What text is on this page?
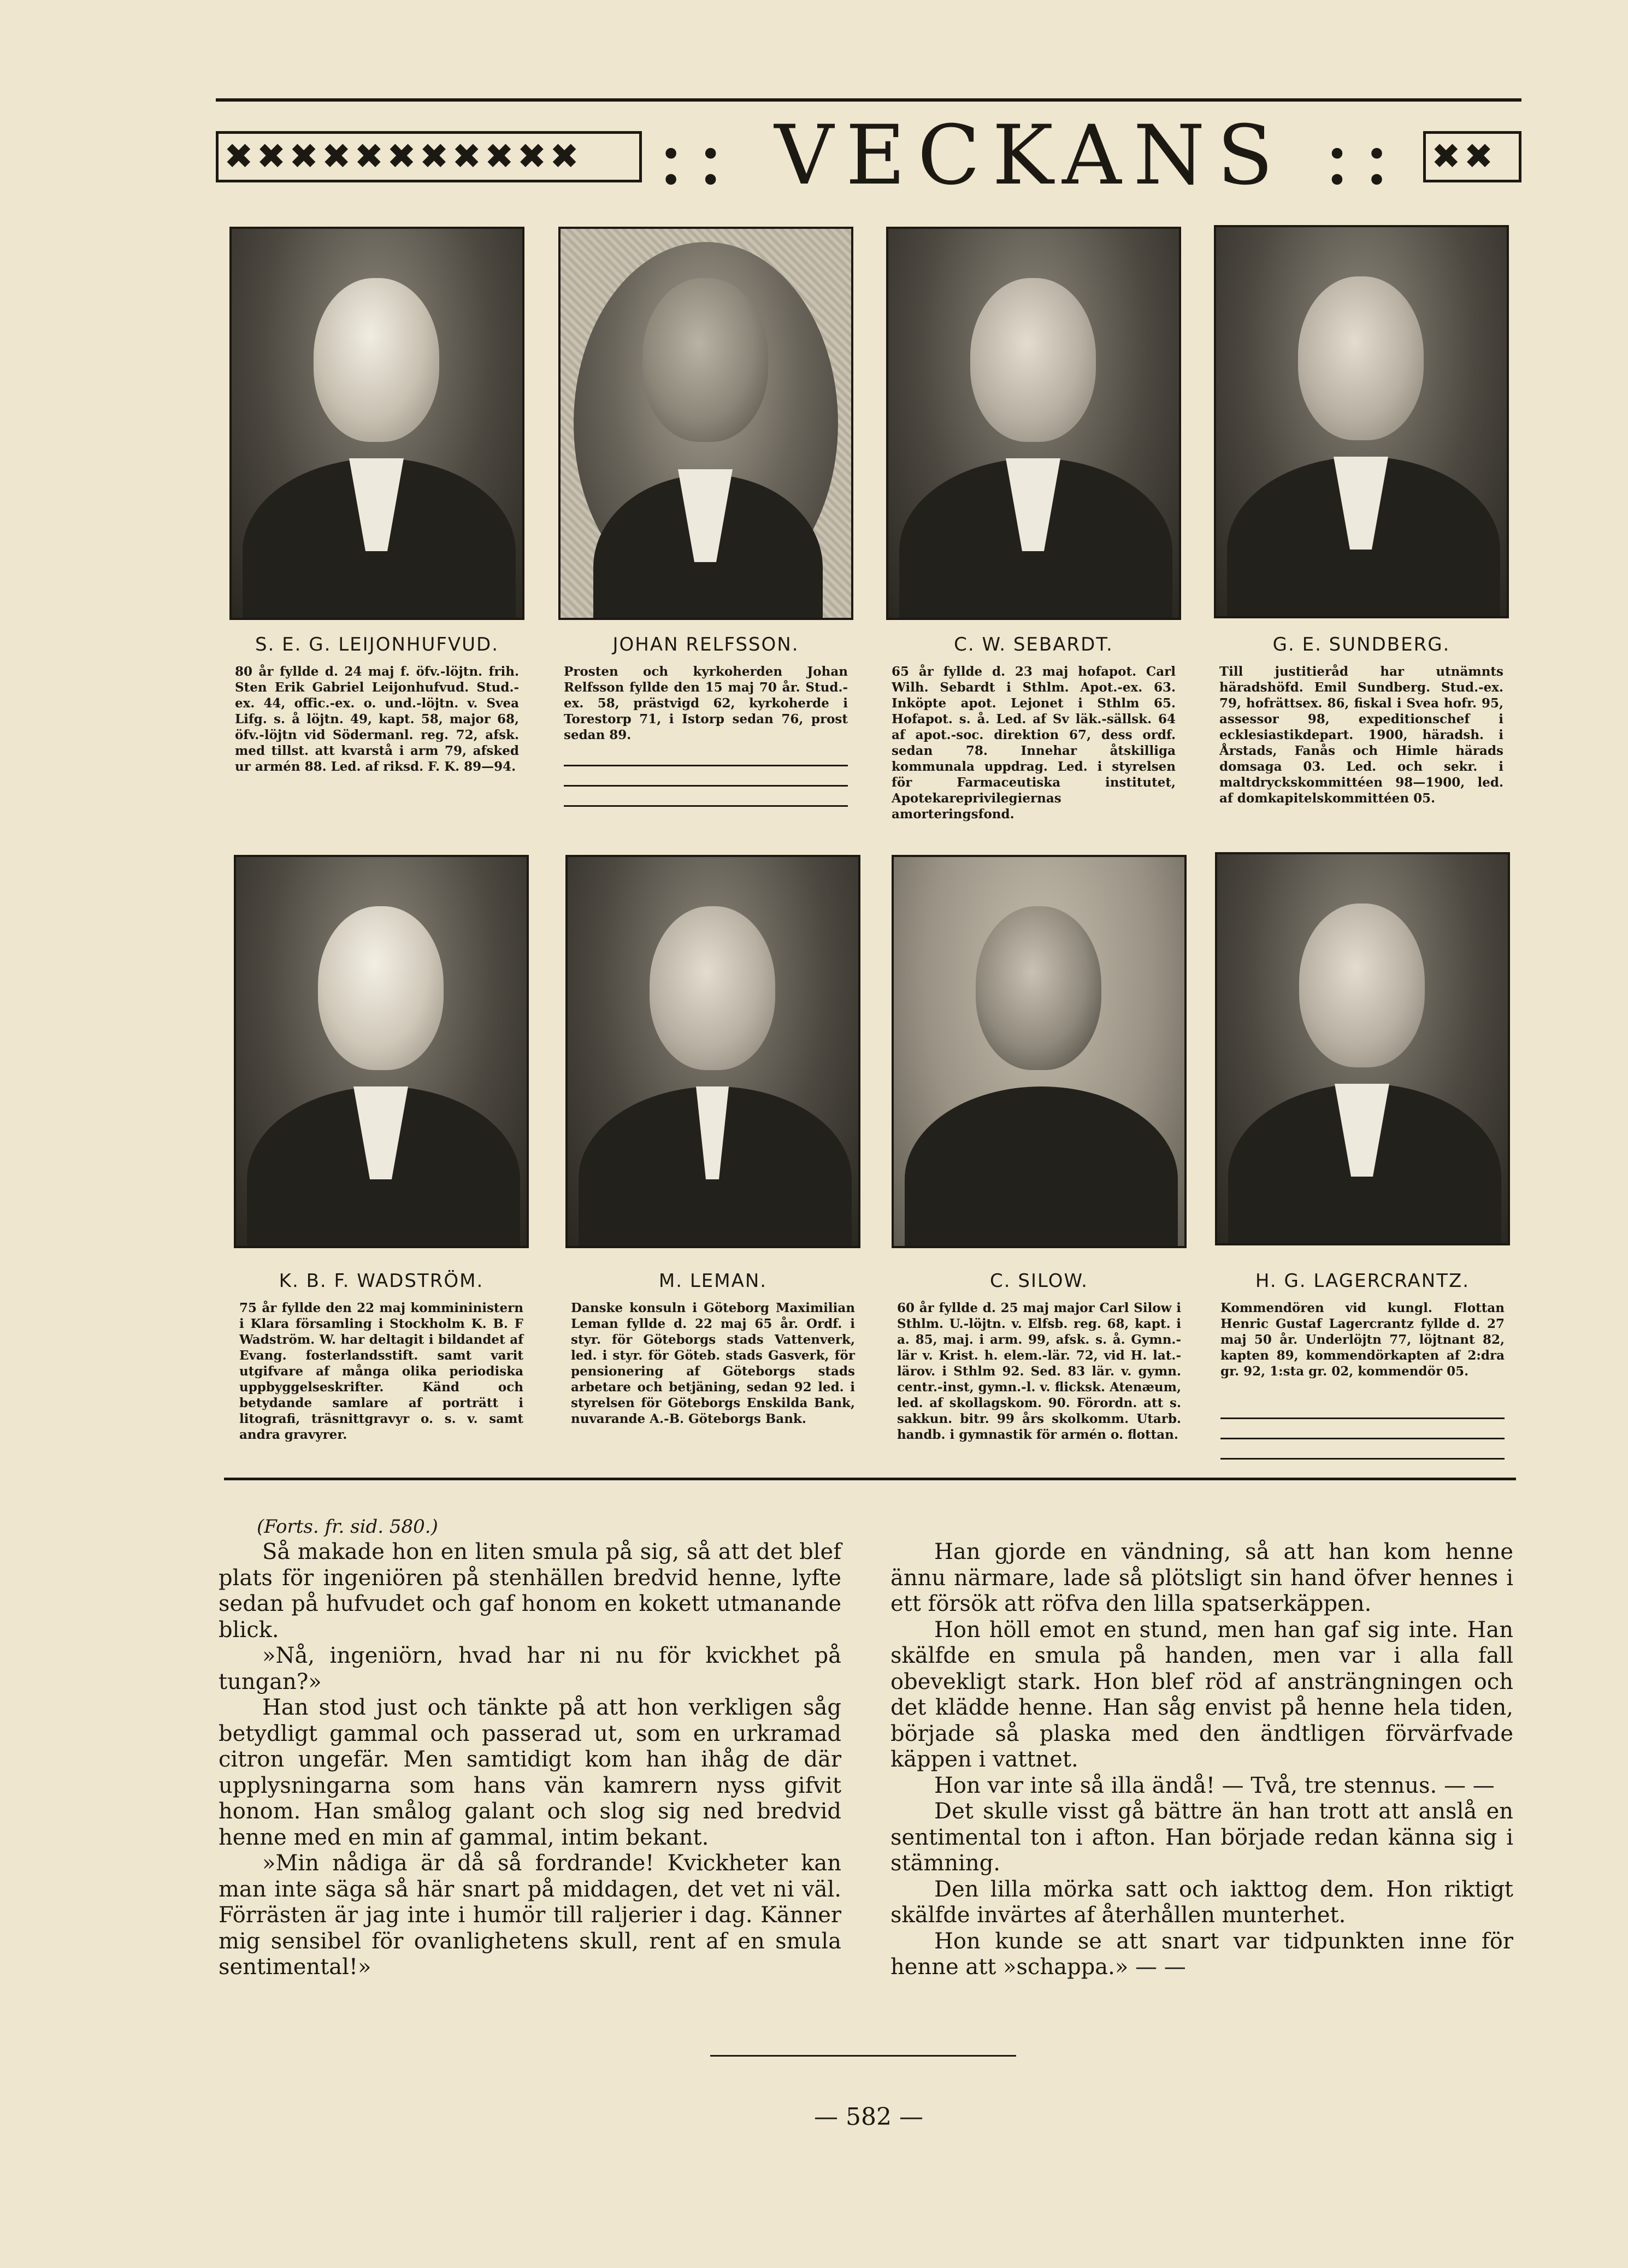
✖✖✖✖✖✖✖✖✖✖✖ :: VECKANS :: ✖✖
S. E. G. LEIJONHUFVUD.
80 år fyllde d. 24 maj f. öfv.-löjtn. frih. Sten Erik Gabriel Leijonhufvud. Stud.-ex. 44, offic.-ex. o. und.-löjtn. v. Svea Lifg. s. å löjtn. 49, kapt. 58, major 68, öfv.-löjtn vid Södermanl. reg. 72, afsk. med tillst. att kvarstå i arm 79, afsked ur armén 88. Led. af riksd. F. K. 89—94.
JOHAN RELFSSON.
Prosten och kyrkoherden Johan Relfsson fyllde den 15 maj 70 år. Stud.-ex. 58, prästvigd 62, kyrkoherde i Torestorp 71, i Istorp sedan 76, prost sedan 89.
C. W. SEBARDT.
65 år fyllde d. 23 maj hofapot. Carl Wilh. Sebardt i Sthlm. Apot.-ex. 63. Inköpte apot. Lejonet i Sthlm 65. Hofapot. s. å. Led. af Sv läk.-sällsk. 64 af apot.-soc. direktion 67, dess ordf. sedan 78. Innehar åtskilliga kommunala uppdrag. Led. i styrelsen för Farmaceutiska institutet, Apotekareprivilegiernas amorteringsfond.
G. E. SUNDBERG.
Till justitieråd har utnämnts häradshöfd. Emil Sundberg. Stud.-ex. 79, hofrättsex. 86, fiskal i Svea hofr. 95, assessor 98, expeditionschef i ecklesiastikdepart. 1900, häradsh. i Årstads, Fanås och Himle härads domsaga 03. Led. och sekr. i maltdryckskommittéen 98—1900, led. af domkapitelskommittéen 05.
K. B. F. WADSTRÖM.
75 år fyllde den 22 maj kommininistern i Klara församling i Stockholm K. B. F Wadström. W. har deltagit i bildandet af Evang. fosterlandsstift. samt varit utgifvare af många olika periodiska uppbyggelseskrifter. Känd och betydande samlare af porträtt i litografi, träsnittgravyr o. s. v. samt andra gravyrer.
M. LEMAN.
Danske konsuln i Göteborg Maximilian Leman fyllde d. 22 maj 65 år. Ordf. i styr. för Göteborgs stads Vattenverk, led. i styr. för Göteb. stads Gasverk, för pensionering af Göteborgs stads arbetare och betjäning, sedan 92 led. i styrelsen för Göteborgs Enskilda Bank, nuvarande A.-B. Göteborgs Bank.
C. SILOW.
60 år fyllde d. 25 maj major Carl Silow i Sthlm. U.-löjtn. v. Elfsb. reg. 68, kapt. i a. 85, maj. i arm. 99, afsk. s. å. Gymn.-lär v. Krist. h. elem.-lär. 72, vid H. lat.-lärov. i Sthlm 92. Sed. 83 lär. v. gymn. centr.-inst, gymn.-l. v. flicksk. Atenæum, led. af skollagskom. 90. Förordn. att s. sakkun. bitr. 99 års skolkomm. Utarb. handb. i gymnastik för armén o. flottan.
H. G. LAGERCRANTZ.
Kommendören vid kungl. Flottan Henric Gustaf Lagercrantz fyllde d. 27 maj 50 år. Underlöjtn 77, löjtnant 82, kapten 89, kommendörkapten af 2:dra gr. 92, 1:sta gr. 02, kommendör 05.
(Forts. fr. sid. 580.)

Så makade hon en liten smula på sig, så att det blef plats för ingeniören på stenhällen bredvid henne, lyfte sedan på hufvudet och gaf honom en kokett utmanande blick.

»Nå, ingeniörn, hvad har ni nu för kvickhet på tungan?»

Han stod just och tänkte på att hon verkligen såg betydligt gammal och passerad ut, som en urkramad citron ungefär. Men samtidigt kom han ihåg de där upplysningarna som hans vän kamrern nyss gifvit honom. Han smålog galant och slog sig ned bredvid henne med en min af gammal, intim bekant.

»Min nådiga är då så fordrande! Kvickheter kan man inte säga så här snart på middagen, det vet ni väl. Förrästen är jag inte i humör till raljerier i dag. Känner mig sensibel för ovanlighetens skull, rent af en smula sentimental!»

Han gjorde en vändning, så att han kom henne ännu närmare, lade så plötsligt sin hand öfver hennes i ett försök att röfva den lilla spatserkäppen.

Hon höll emot en stund, men han gaf sig inte. Han skälfde en smula på handen, men var i alla fall obevekligt stark. Hon blef röd af ansträngningen och det klädde henne. Han såg envist på henne hela tiden, började så plaska med den ändtligen förvärfvade käppen i vattnet.

Hon var inte så illa ändå! — Två, tre stennus. — —

Det skulle visst gå bättre än han trott att anslå en sentimental ton i afton. Han började redan känna sig i stämning.

Den lilla mörka satt och iakttog dem. Hon riktigt skälfde invärtes af återhållen munterhet.

Hon kunde se att snart var tidpunkten inne för henne att »schappa.» — —

— 582 —
